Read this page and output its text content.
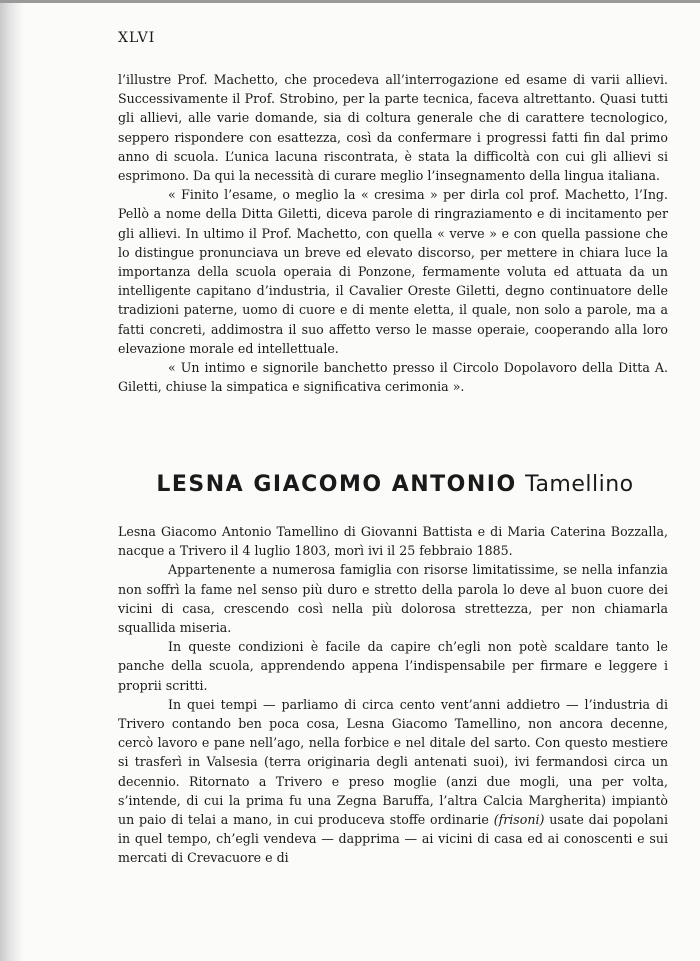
XLVI

l’illustre Prof. Machetto, che procedeva all’interrogazione ed esame di varii allievi. Successivamente il Prof. Strobino, per la parte tecnica, faceva altrettanto. Quasi tutti gli allievi, alle varie domande, sia di coltura generale che di carattere tecnologico, seppero rispondere con esattezza, così da confermare i progressi fatti fin dal primo anno di scuola. L’unica lacuna riscontrata, è stata la difficoltà con cui gli allievi si esprimono. Da qui la necessità di curare meglio l’insegnamento della lingua italiana.

« Finito l’esame, o meglio la « cresima » per dirla col prof. Machetto, l’Ing. Pellò a nome della Ditta Giletti, diceva parole di ringraziamento e di incitamento per gli allievi. In ultimo il Prof. Machetto, con quella « verve » e con quella passione che lo distingue pronunciava un breve ed elevato discorso, per mettere in chiara luce la importanza della scuola operaia di Ponzone, fermamente voluta ed attuata da un intelligente capitano d’industria, il Cavalier Oreste Giletti, degno continuatore delle tradizioni paterne, uomo di cuore e di mente eletta, il quale, non solo a parole, ma a fatti concreti, addimostra il suo affetto verso le masse operaie, cooperando alla loro elevazione morale ed intellettuale.

« Un intimo e signorile banchetto presso il Circolo Dopolavoro della Ditta A. Giletti, chiuse la simpatica e significativa cerimonia ».

LESNA GIACOMO ANTONIO Tamellino

Lesna Giacomo Antonio Tamellino di Giovanni Battista e di Maria Caterina Bozzalla, nacque a Trivero il 4 luglio 1803, morì ivi il 25 febbraio 1885.

Appartenente a numerosa famiglia con risorse limitatissime, se nella infanzia non soffrì la fame nel senso più duro e stretto della parola lo deve al buon cuore dei vicini di casa, crescendo così nella più dolorosa strettezza, per non chiamarla squallida miseria.

In queste condizioni è facile da capire ch’egli non potè scaldare tanto le panche della scuola, apprendendo appena l’indispensabile per firmare e leggere i proprii scritti.

In quei tempi — parliamo di circa cento vent’anni addietro — l’industria di Trivero contando ben poca cosa, Lesna Giacomo Tamellino, non ancora decenne, cercò lavoro e pane nell’ago, nella forbice e nel ditale del sarto. Con questo mestiere si trasferì in Valsesia (terra originaria degli antenati suoi), ivi fermandosi circa un decennio. Ritornato a Trivero e preso moglie (anzi due mogli, una per volta, s’intende, di cui la prima fu una Zegna Baruffa, l’altra Calcia Margherita) impiantò un paio di telai a mano, in cui produceva stoffe ordinarie (frisoni) usate dai popolani in quel tempo, ch’egli vendeva — dapprima — ai vicini di casa ed ai conoscenti e sui mercati di Crevacuore e di
